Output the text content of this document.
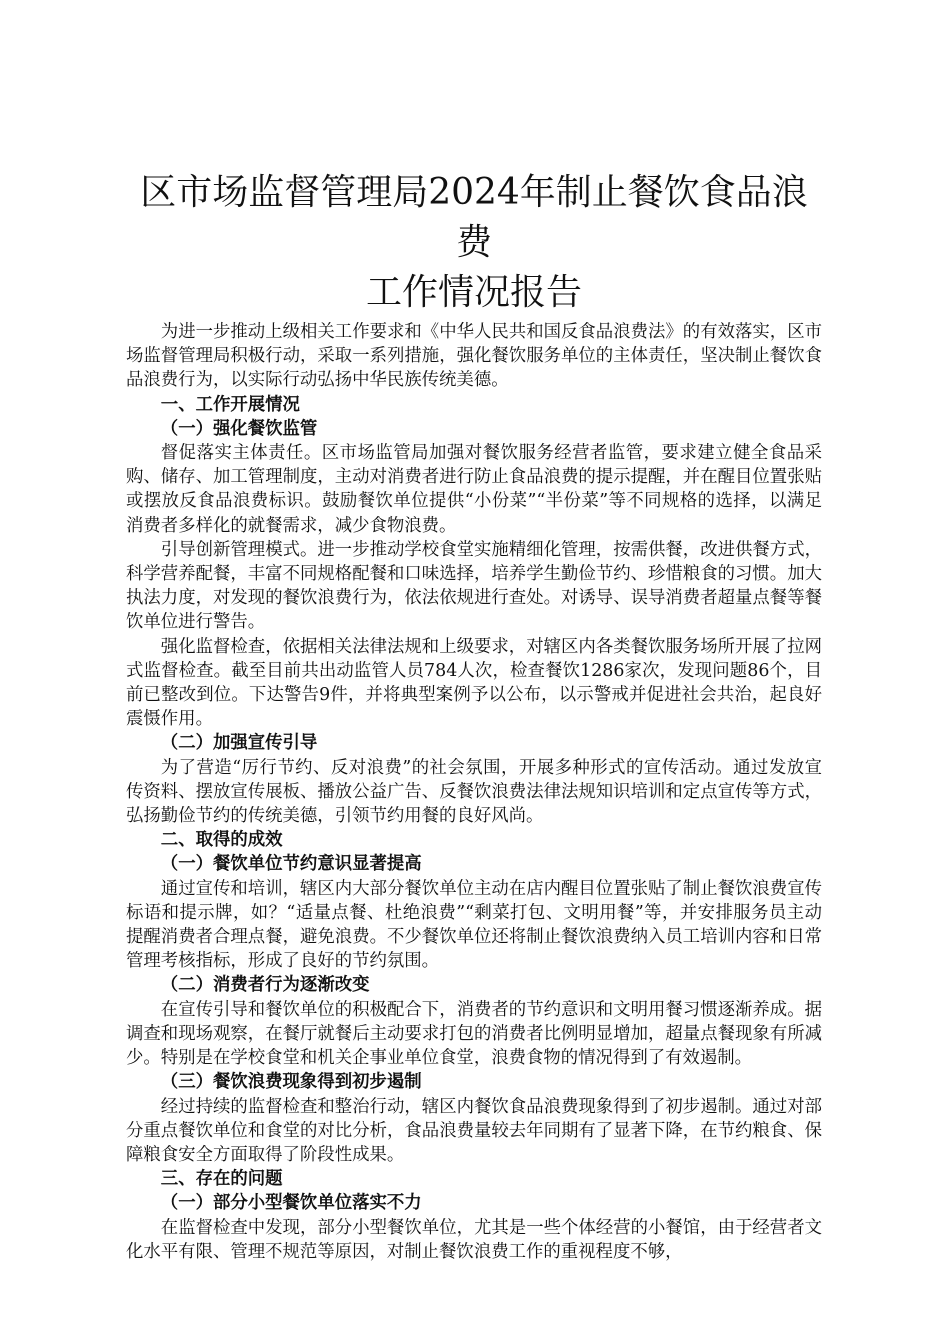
区市场监督管理局2024年制止餐饮食品浪费
工作情况报告

为进一步推动上级相关工作要求和《中华人民共和国反食品浪费法》的有效落实，区市场监督管理局积极行动，采取一系列措施，强化餐饮服务单位的主体责任，坚决制止餐饮食品浪费行为，以实际行动弘扬中华民族传统美德。

一、工作开展情况

（一）强化餐饮监管

督促落实主体责任。区市场监管局加强对餐饮服务经营者监管，要求建立健全食品采购、储存、加工管理制度，主动对消费者进行防止食品浪费的提示提醒，并在醒目位置张贴或摆放反食品浪费标识。鼓励餐饮单位提供“小份菜”“半份菜”等不同规格的选择，以满足消费者多样化的就餐需求，减少食物浪费。

引导创新管理模式。进一步推动学校食堂实施精细化管理，按需供餐，改进供餐方式，科学营养配餐，丰富不同规格配餐和口味选择，培养学生勤俭节约、珍惜粮食的习惯。加大执法力度，对发现的餐饮浪费行为，依法依规进行查处。对诱导、误导消费者超量点餐等餐饮单位进行警告。

强化监督检查，依据相关法律法规和上级要求，对辖区内各类餐饮服务场所开展了拉网式监督检查。截至目前共出动监管人员784人次，检查餐饮1286家次，发现问题86个，目前已整改到位。下达警告9件，并将典型案例予以公布，以示警戒并促进社会共治，起良好震慑作用。

（二）加强宣传引导

为了营造“厉行节约、反对浪费”的社会氛围，开展多种形式的宣传活动。通过发放宣传资料、摆放宣传展板、播放公益广告、反餐饮浪费法律法规知识培训和定点宣传等方式，弘扬勤俭节约的传统美德，引领节约用餐的良好风尚。

二、取得的成效

（一）餐饮单位节约意识显著提高

通过宣传和培训，辖区内大部分餐饮单位主动在店内醒目位置张贴了制止餐饮浪费宣传标语和提示牌，如？“适量点餐、杜绝浪费”“剩菜打包、文明用餐”等，并安排服务员主动提醒消费者合理点餐，避免浪费。不少餐饮单位还将制止餐饮浪费纳入员工培训内容和日常管理考核指标，形成了良好的节约氛围。

（二）消费者行为逐渐改变

在宣传引导和餐饮单位的积极配合下，消费者的节约意识和文明用餐习惯逐渐养成。据调查和现场观察，在餐厅就餐后主动要求打包的消费者比例明显增加，超量点餐现象有所减少。特别是在学校食堂和机关企事业单位食堂，浪费食物的情况得到了有效遏制。

（三）餐饮浪费现象得到初步遏制

经过持续的监督检查和整治行动，辖区内餐饮食品浪费现象得到了初步遏制。通过对部分重点餐饮单位和食堂的对比分析，食品浪费量较去年同期有了显著下降，在节约粮食、保障粮食安全方面取得了阶段性成果。

三、存在的问题

（一）部分小型餐饮单位落实不力

在监督检查中发现，部分小型餐饮单位，尤其是一些个体经营的小餐馆，由于经营者文化水平有限、管理不规范等原因，对制止餐饮浪费工作的重视程度不够，
